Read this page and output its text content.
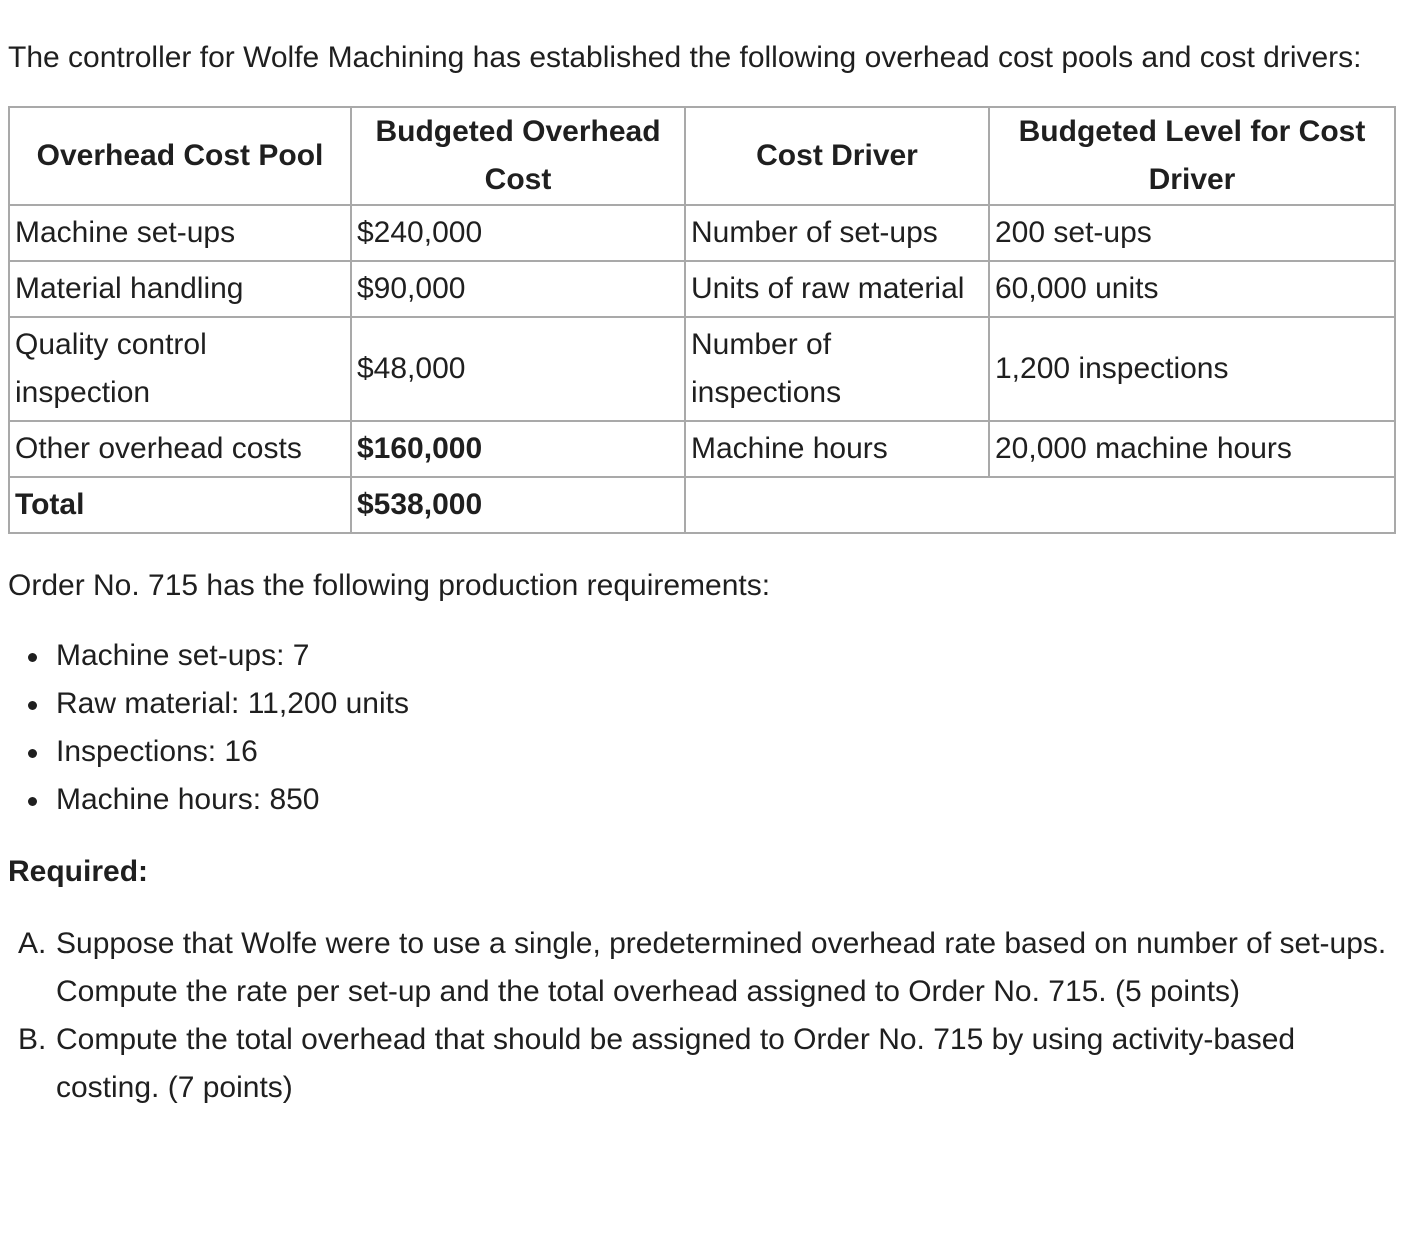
The controller for Wolfe Machining has established the following overhead cost pools and cost drivers:

Overhead Cost Pool	Budgeted Overhead Cost	Cost Driver	Budgeted Level for Cost Driver
Machine set-ups	$240,000	Number of set-ups	200 set-ups
Material handling	$90,000	Units of raw material	60,000 units
Quality control inspection	$48,000	Number of inspections	1,200 inspections
Other overhead costs	$160,000	Machine hours	20,000 machine hours
Total	$538,000		

Order No. 715 has the following production requirements:

Machine set-ups: 7
Raw material: 11,200 units
Inspections: 16
Machine hours: 850

Required:

A. Suppose that Wolfe were to use a single, predetermined overhead rate based on number of set-ups. Compute the rate per set-up and the total overhead assigned to Order No. 715. (5 points)
B. Compute the total overhead that should be assigned to Order No. 715 by using activity-based costing. (7 points)
